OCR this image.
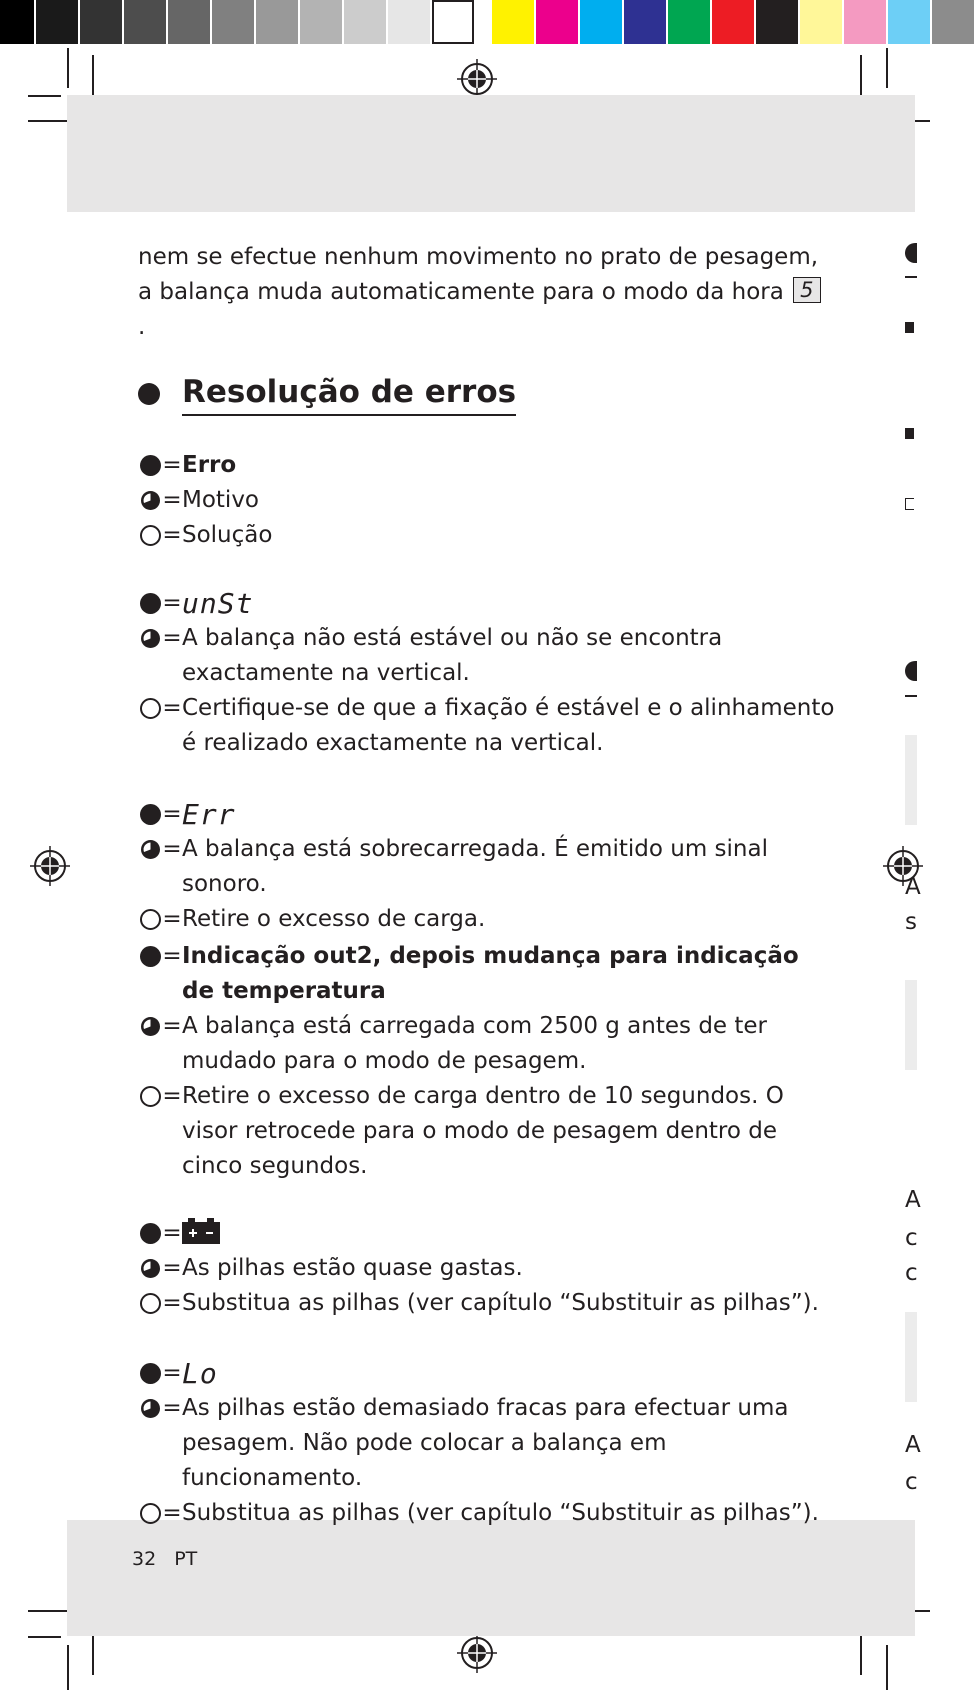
nem se efectue nenhum movimento no prato de pesagem, a balança muda automaticamente para o modo da hora 5.

Resolução de erros
= Erro
= Motivo
= Solução
= unSt
= A balança não está estável ou não se encontra exactamente na vertical.
= Certifique-se de que a fixação é estável e o alinhamento é realizado exactamente na vertical.
= Err
= A balança está sobrecarregada. É emitido um sinal sonoro.
= Retire o excesso de carga.
= Indicação out2, depois mudança para indicação de temperatura
= A balança está carregada com 2500 g antes de ter mudado para o modo de pesagem.
= Retire o excesso de carga dentro de 10 segundos. O visor retrocede para o modo de pesagem dentro de cinco segundos.
=
= As pilhas estão quase gastas.
= Substitua as pilhas (ver capítulo “Substituir as pilhas”).
= Lo
= As pilhas estão demasiado fracas para efectuar uma pesagem. Não pode colocar a balança em funcionamento.
= Substitua as pilhas (ver capítulo “Substituir as pilhas”).
32 PT
A
s
A
c
c
A
c
